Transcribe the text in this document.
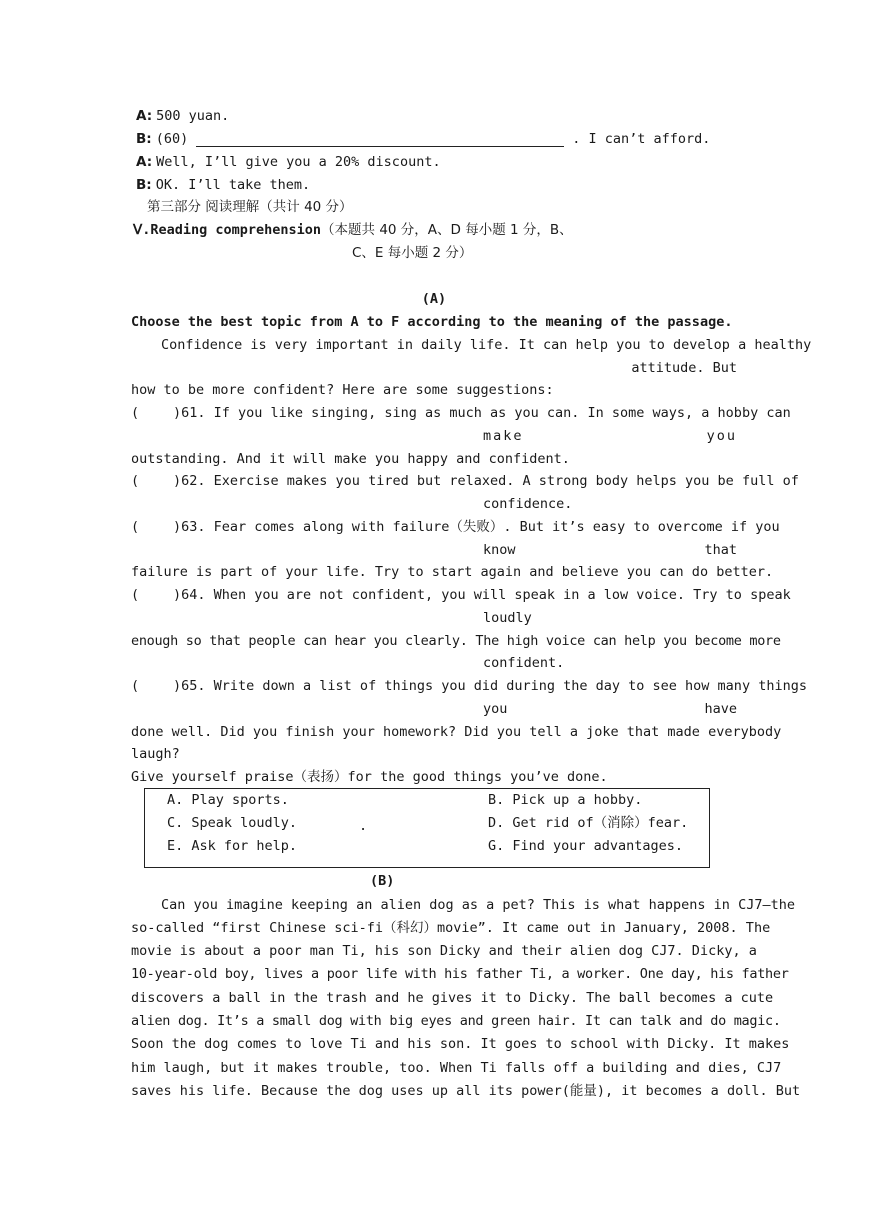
A: 500 yuan.
B: (60)	. I can’t afford.
A: Well, I’ll give you a 20% discount.
B: OK. I’ll take them.
第三部分 阅读理解（共计 40 分）
Ⅴ.Reading comprehension（本题共 40 分，A、D 每小题 1 分，B、
C、E 每小题 2 分）
(A)
Choose the best topic from A to F according to the meaning of the passage.
Confidence is very important in daily life. It can help you to develop a healthy
attitude. But
how to be more confident? Here are some suggestions:
(   )61. If you like singing, sing as much as you can. In some ways, a hobby can
make you
outstanding. And it will make you happy and confident.
(   )62. Exercise makes you tired but relaxed. A strong body helps you be full of
confidence.
(   )63. Fear comes along with failure（失败）. But it’s easy to overcome if you
know that
failure is part of your life. Try to start again and believe you can do better.
(   )64. When you are not confident, you will speak in a low voice. Try to speak
loudly
enough so that people can hear you clearly. The high voice can help you become more
confident.
(   )65. Write down a list of things you did during the day to see how many things
you have
done well. Did you finish your homework? Did you tell a joke that made everybody
laugh?
Give yourself praise（表扬）for the good things you’ve done.
A. Play sports.	B. Pick up a hobby.
C. Speak loudly.	.	D. Get rid of（消除）fear.
E. Ask for help.	G. Find your advantages.
(B)
Can you imagine keeping an alien dog as a pet? This is what happens in CJ7—the
so-called “first Chinese sci-fi（科幻）movie”. It came out in January, 2008. The
movie is about a poor man Ti, his son Dicky and their alien dog CJ7. Dicky, a
10-year-old boy, lives a poor life with his father Ti, a worker. One day, his father
discovers a ball in the trash and he gives it to Dicky. The ball becomes a cute
alien dog. It’s a small dog with big eyes and green hair. It can talk and do magic.
Soon the dog comes to love Ti and his son. It goes to school with Dicky. It makes
him laugh, but it makes trouble, too. When Ti falls off a building and dies, CJ7
saves his life. Because the dog uses up all its power(能量), it becomes a doll. But
